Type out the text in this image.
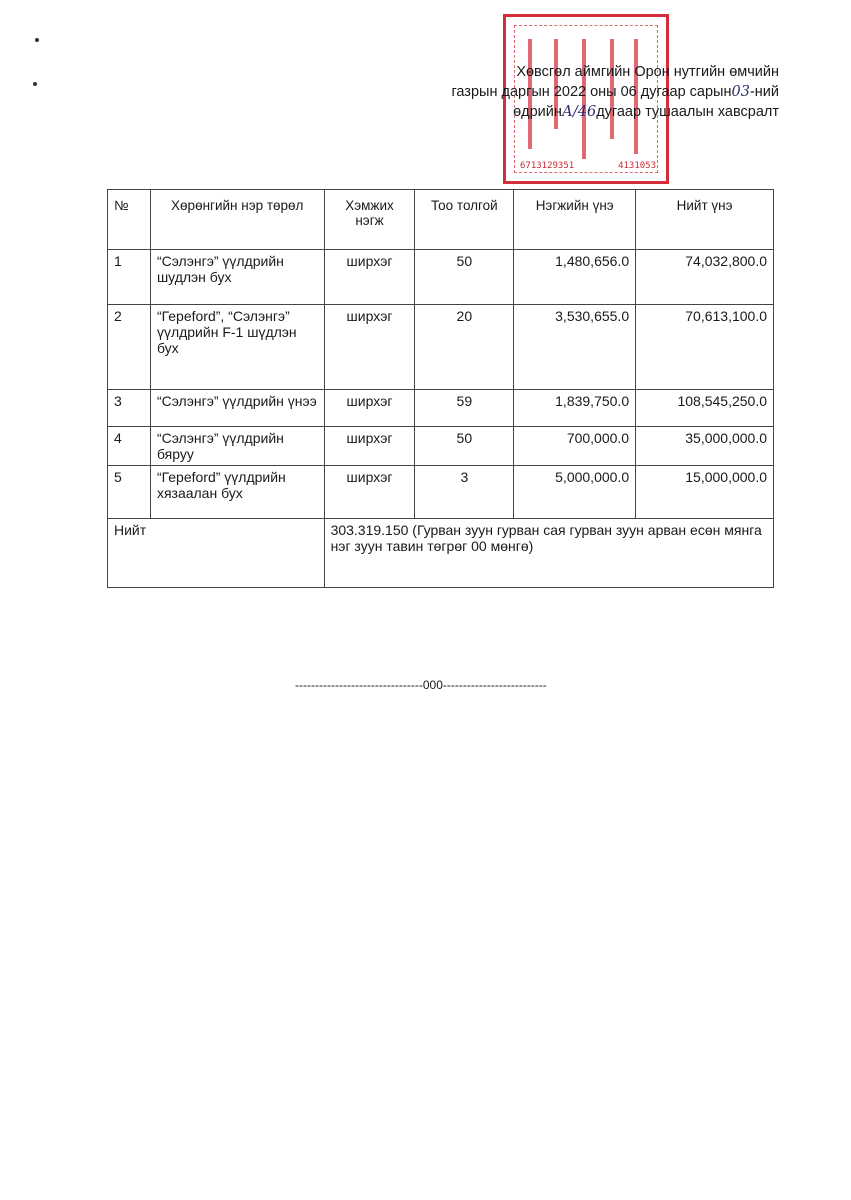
6713129351	4131053
Хөвсгөл аймгийн Орон нутгийн өмчийн
газрын даргын 2022 оны 06 дугаар сарын03-ний
өдрийнА/46дугаар тушаалын хавсралт
№	Хөрөнгийн нэр төрөл	Хэмжих нэгж	Тоо толгой	Нэгжийн үнэ	Нийт үнэ
1	“Сэлэнгэ” үүлдрийн шудлэн бух	ширхэг	50	1,480,656.0	74,032,800.0
2	“Гереford”, “Сэлэнгэ” үүлдрийн F-1 шүдлэн бух	ширхэг	20	3,530,655.0	70,613,100.0
3	“Сэлэнгэ” үүлдрийн үнээ	ширхэг	59	1,839,750.0	108,545,250.0
4	“Сэлэнгэ” үүлдрийн бяруу	ширхэг	50	700,000.0	35,000,000.0
5	“Гереford” үүлдрийн хязаалан бух	ширхэг	3	5,000,000.0	15,000,000.0
Нийт		303.319.150 (Гурван зуун гурван сая гурван зуун арван есөн мянга нэг зуун тавин төгрөг 00 мөнгө)			
--------------------------------000--------------------------
